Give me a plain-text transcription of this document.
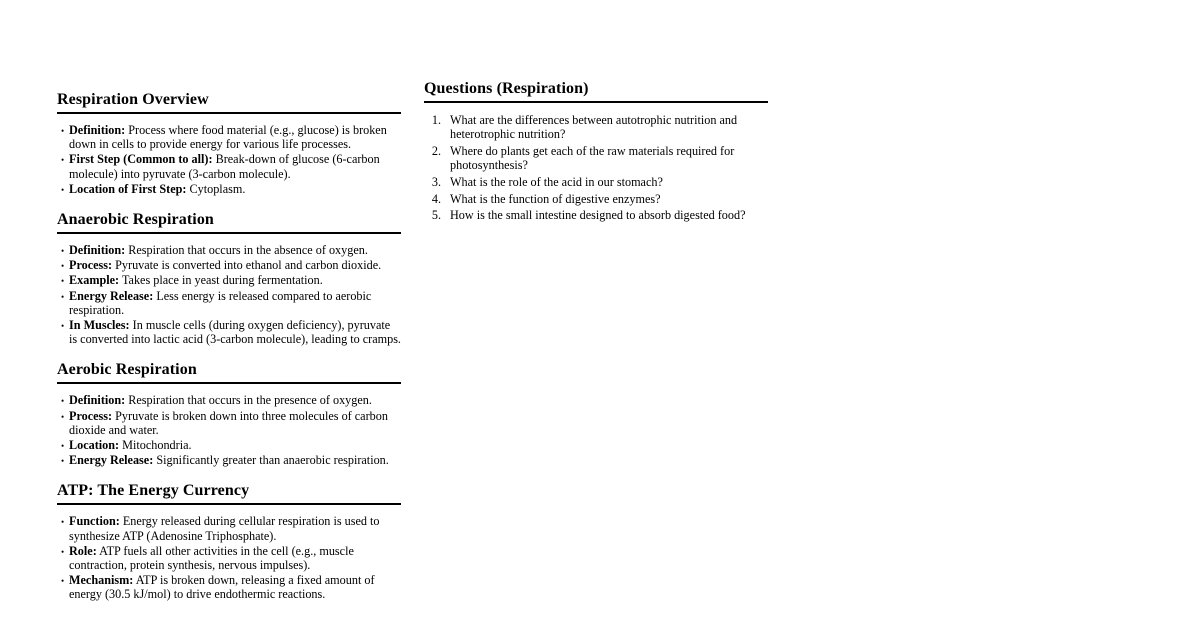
Respiration Overview
• Definition: Process where food material (e.g., glucose) is broken down in cells to provide energy for various life processes.
• First Step (Common to all): Break-down of glucose (6-carbon molecule) into pyruvate (3-carbon molecule).
• Location of First Step: Cytoplasm.
Anaerobic Respiration
• Definition: Respiration that occurs in the absence of oxygen.
• Process: Pyruvate is converted into ethanol and carbon dioxide.
• Example: Takes place in yeast during fermentation.
• Energy Release: Less energy is released compared to aerobic respiration.
• In Muscles: In muscle cells (during oxygen deficiency), pyruvate is converted into lactic acid (3-carbon molecule), leading to cramps.
Aerobic Respiration
• Definition: Respiration that occurs in the presence of oxygen.
• Process: Pyruvate is broken down into three molecules of carbon dioxide and water.
• Location: Mitochondria.
• Energy Release: Significantly greater than anaerobic respiration.
ATP: The Energy Currency
• Function: Energy released during cellular respiration is used to synthesize ATP (Adenosine Triphosphate).
• Role: ATP fuels all other activities in the cell (e.g., muscle contraction, protein synthesis, nervous impulses).
• Mechanism: ATP is broken down, releasing a fixed amount of energy (30.5 kJ/mol) to drive endothermic reactions.
Questions (Respiration)
1. What are the differences between autotrophic nutrition and heterotrophic nutrition?
2. Where do plants get each of the raw materials required for photosynthesis?
3. What is the role of the acid in our stomach?
4. What is the function of digestive enzymes?
5. How is the small intestine designed to absorb digested food?
